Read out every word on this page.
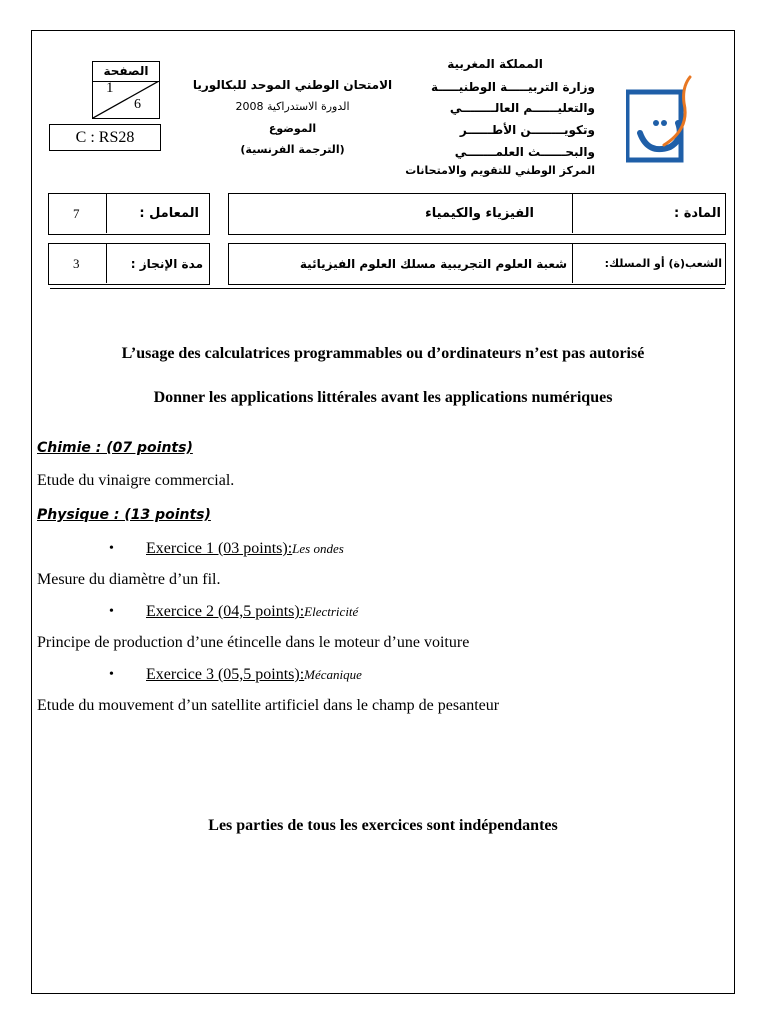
الصفحة
1
6
C : RS28
الامتحان الوطني الموحد للبكالوريا
الدورة الاستدراكية 2008
الموضوع
(الترجمة الفرنسية)
المملكة المغربية
وزارة التربيـــــة الوطنيـــــة
والتعليــــــم العالــــــــي
وتكويــــــــن الأطــــــر
والبحــــــث العلمـــــــي
المركز الوطني للتقويم والامتحانات
7	المعامل :	الفيزياء والكيمياء	المادة :
3	مدة الإنجاز :	شعبة العلوم التجريبية مسلك العلوم الفيزيائية	الشعب(ة) أو المسلك:
L’usage des calculatrices programmables ou d’ordinateurs n’est pas autorisé
Donner les applications littérales avant les applications numériques
Chimie : (07 points)
Etude du vinaigre commercial.
Physique : (13 points)
• Exercice 1 (03 points):Les ondes
Mesure du diamètre d’un fil.
• Exercice 2 (04,5 points):Electricité
Principe de production d’une étincelle dans le moteur d’une voiture
• Exercice 3 (05,5 points):Mécanique
Etude du mouvement d’un satellite artificiel dans le champ de pesanteur
Les parties de tous les exercices sont indépendantes
